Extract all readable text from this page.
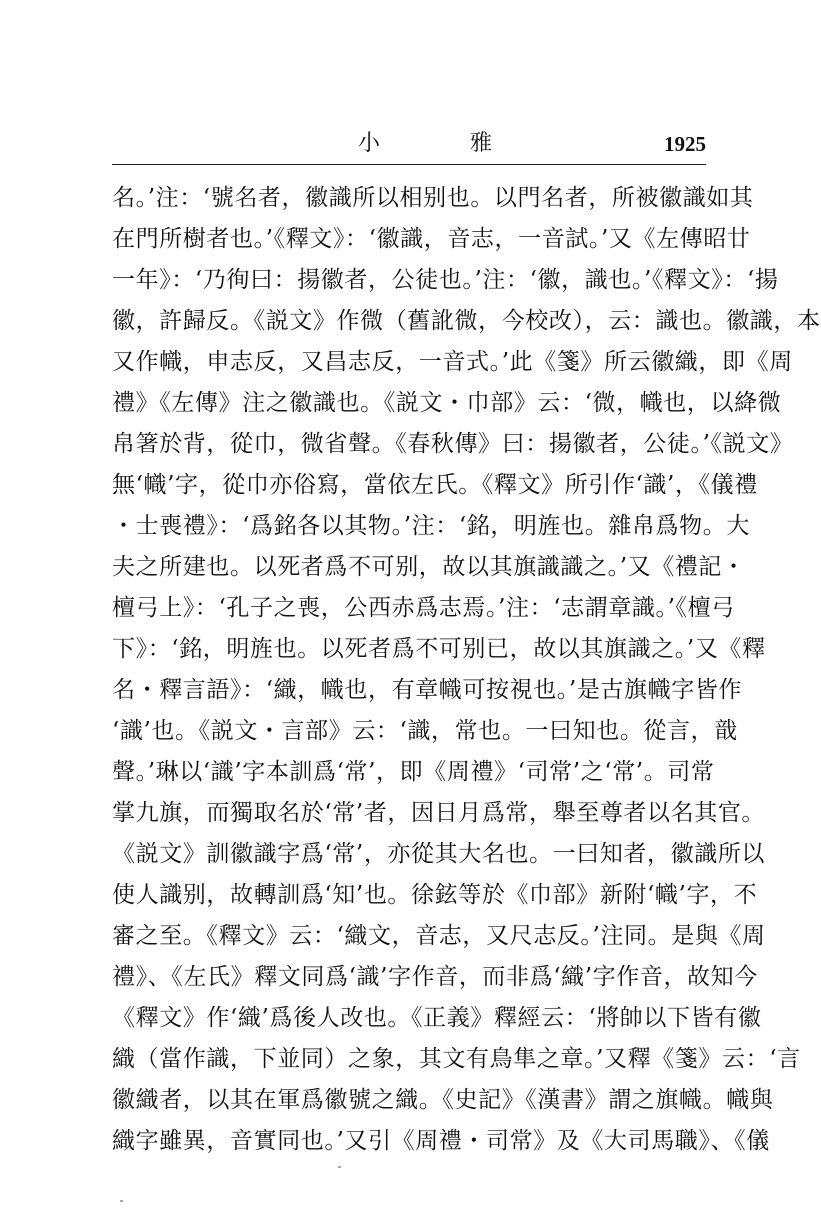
小　雅	1925
名。’注：‘號名者，徽識所以相别也。以門名者，所被徽識如其
在門所樹者也。’《釋文》：‘徽識，音志，一音試。’又《左傳昭廿
一年》：‘乃徇曰：揚徽者，公徒也。’注：‘徽，識也。’《釋文》：‘揚
徽，許歸反。《説文》作微（舊訛微，今校改），云：識也。徽識，本
又作幟，申志反，又昌志反，一音式。’此《箋》所云徽織，即《周
禮》《左傳》注之徽識也。《説文・巾部》云：‘微，幟也，以絳微
帛箸於背，從巾，微省聲。《春秋傳》曰：揚徽者，公徒。’《説文》
無‘幟’字，從巾亦俗寫，當依左氏。《釋文》所引作‘識’，《儀禮
・士喪禮》：‘爲銘各以其物。’注：‘銘，明旌也。雜帛爲物。大
夫之所建也。以死者爲不可别，故以其旗識識之。’又《禮記・
檀弓上》：‘孔子之喪，公西赤爲志焉。’注：‘志謂章識。’《檀弓
下》：‘銘，明旌也。以死者爲不可别已，故以其旗識之。’又《釋
名・釋言語》：‘織，幟也，有章幟可按視也。’是古旗幟字皆作
‘識’也。《説文・言部》云：‘識，常也。一曰知也。從言，戠
聲。’琳以‘識’字本訓爲‘常’，即《周禮》‘司常’之‘常’。司常
掌九旗，而獨取名於‘常’者，因日月爲常，舉至尊者以名其官。
《説文》訓徽識字爲‘常’，亦從其大名也。一曰知者，徽識所以
使人識别，故轉訓爲‘知’也。徐鉉等於《巾部》新附‘幟’字，不
審之至。《釋文》云：‘織文，音志，又尺志反。’注同。是與《周
禮》、《左氏》釋文同爲‘識’字作音，而非爲‘織’字作音，故知今
《釋文》作‘織’爲後人改也。《正義》釋經云：‘將帥以下皆有徽
織（當作識，下並同）之象，其文有鳥隼之章。’又釋《箋》云：‘言
徽織者，以其在軍爲徽號之織。《史記》《漢書》謂之旗幟。幟與
織字雖異，音實同也。’又引《周禮・司常》及《大司馬職》、《儀
